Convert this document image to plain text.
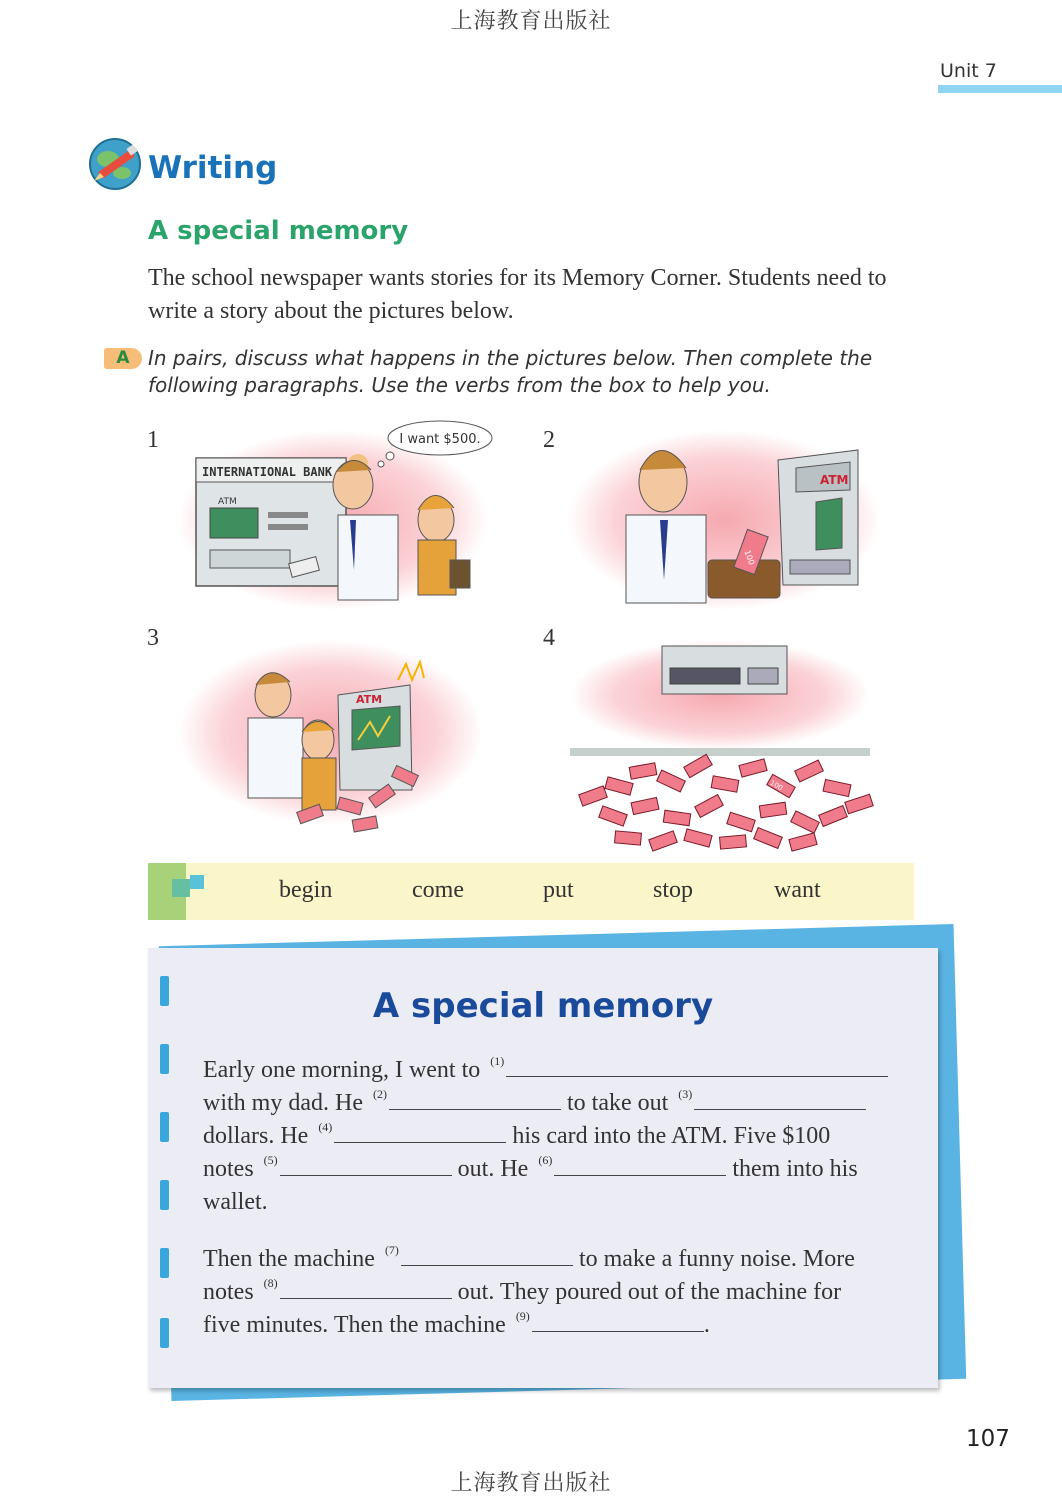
上海教育出版社
Unit 7
Writing
A special memory
The school newspaper wants stories for its Memory Corner. Students need to write a story about the pictures below.
A In pairs, discuss what happens in the pictures below. Then complete the following paragraphs. Use the verbs from the box to help you.
1	2
3	4
INTERNATIONAL BANK
ATM
I want $500.
100
ATM
ATM
100
begin	come	put	stop	want
A special memory
Early one morning, I went to $^{(1)}$
with my dad. He $^{(2)}$	to take out $^{(3)}$
dollars. He $^{(4)}$	his card into the ATM. Five $100
notes $^{(5)}$	out. He $^{(6)}$	them into his
wallet.
Then the machine $^{(7)}$	to make a funny noise. More
notes $^{(8)}$	out. They poured out of the machine for
five minutes. Then the machine $^{(9)}$	.
107
上海教育出版社
